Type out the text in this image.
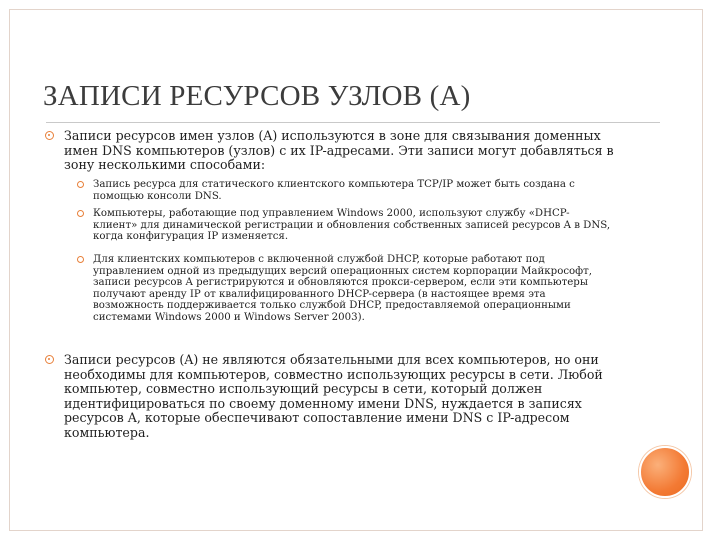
ЗАПИСИ РЕСУРСОВ УЗЛОВ (A)
Записи ресурсов имен узлов (A) используются в зоне для связывания доменных имен DNS компьютеров (узлов) с их IP-адресами. Эти записи могут добавляться в зону несколькими способами:
Запись ресурса для статического клиентского компьютера TCP/IP может быть создана с помощью консоли DNS.
Компьютеры, работающие под управлением Windows 2000, используют службу «DHCP-клиент» для динамической регистрации и обновления собственных записей ресурсов A в DNS, когда конфигурация IP изменяется.
Для клиентских компьютеров с включенной службой DHCP, которые работают под управлением одной из предыдущих версий операционных систем корпорации Майкрософт, записи ресурсов A регистрируются и обновляются прокси-сервером, если эти компьютеры получают аренду IP от квалифицированного DHCP-сервера (в настоящее время эта возможность поддерживается только службой DHCP, предоставляемой операционными системами Windows 2000 и Windows Server 2003).
Записи ресурсов (A) не являются обязательными для всех компьютеров, но они необходимы для компьютеров, совместно использующих ресурсы в сети. Любой компьютер, совместно использующий ресурсы в сети, который должен идентифицироваться по своему доменному имени DNS, нуждается в записях ресурсов A, которые обеспечивают сопоставление имени DNS с IP-адресом компьютера.
